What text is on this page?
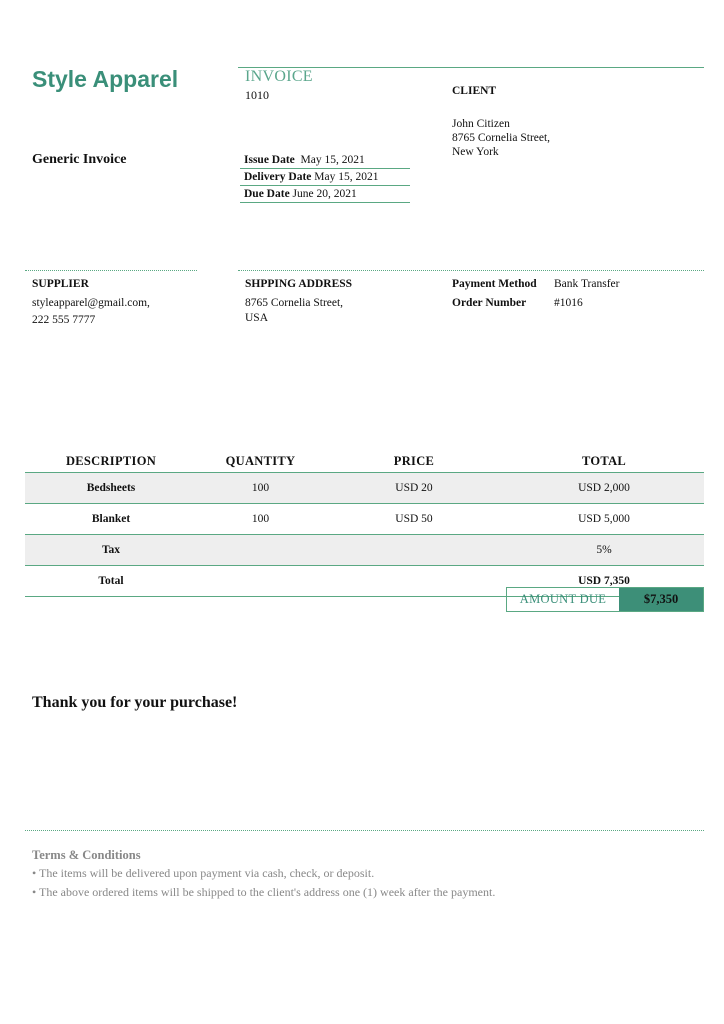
Style Apparel	INVOICE
1010	CLIENT
John Citizen
8765 Cornelia Street,
New York
Generic Invoice	Issue Date May 15, 2021
Delivery Date May 15, 2021
Due Date June 20, 2021
SUPPLIER
styleapparel@gmail.com,
222 555 7777
SHPPING ADDRESS
8765 Cornelia Street,
USA
Payment Method Bank Transfer
Order Number #1016
DESCRIPTION	QUANTITY	PRICE	TOTAL
Bedsheets	100	USD 20	USD 2,000
Blanket	100	USD 50	USD 5,000
Tax			5%
Total			USD 7,350
AMOUNT DUE	$7,350
Thank you for your purchase!
Terms & Conditions
• The items will be delivered upon payment via cash, check, or deposit.
• The above ordered items will be shipped to the client's address one (1) week after the payment.
